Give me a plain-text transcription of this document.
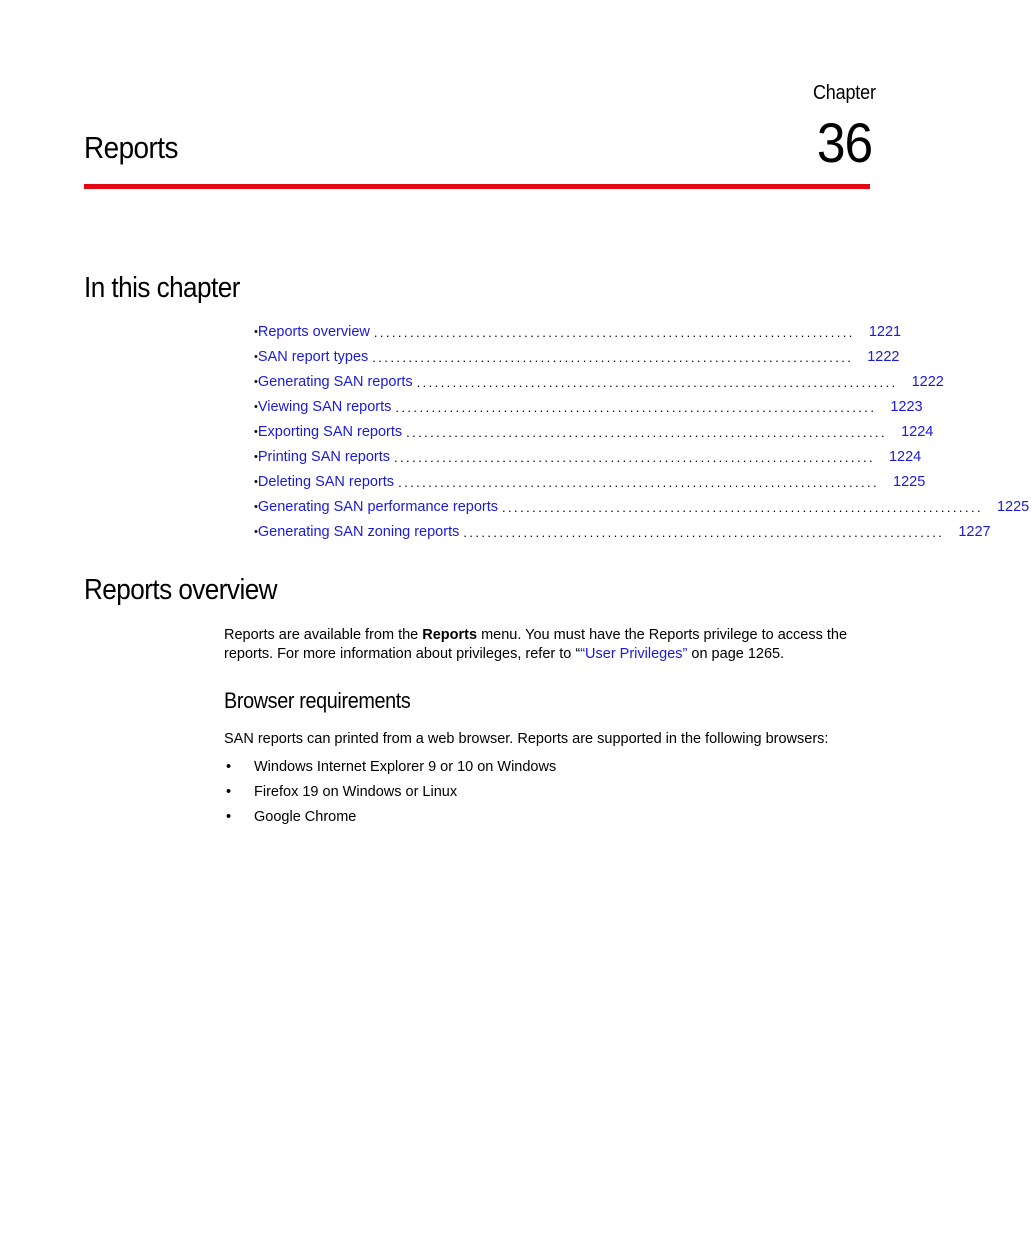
Chapter
36
Reports
In this chapter
• Reports overview ................................................................................ 1221
• SAN report types ................................................................................ 1222
• Generating SAN reports ................................................................................ 1222
• Viewing SAN reports ................................................................................ 1223
• Exporting SAN reports ................................................................................ 1224
• Printing SAN reports ................................................................................ 1224
• Deleting SAN reports ................................................................................ 1225
• Generating SAN performance reports ................................................................................ 1225
• Generating SAN zoning reports ................................................................................ 1227
Reports overview

Reports are available from the Reports menu. You must have the Reports privilege to access the reports. For more information about privileges, refer to ““User Privileges” on page 1265.

Browser requirements

SAN reports can printed from a web browser. Reports are supported in the following browsers:

•	Windows Internet Explorer 9 or 10 on Windows
•	Firefox 19 on Windows or Linux
•	Google Chrome
